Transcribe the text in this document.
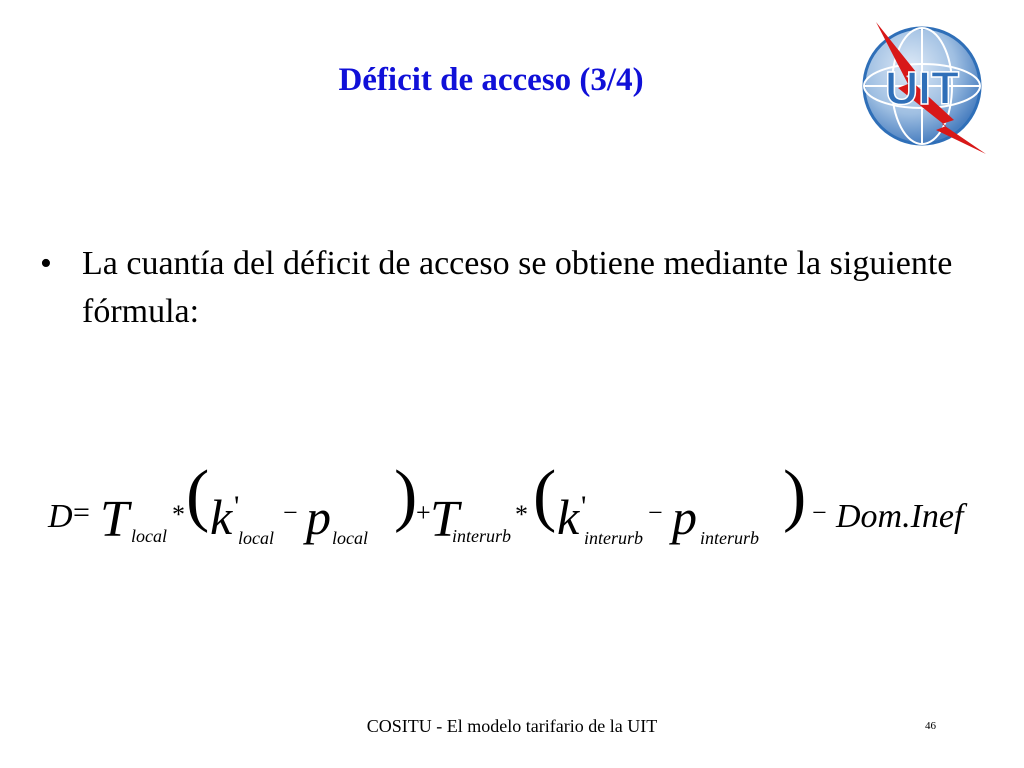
Déficit de acceso (3/4)	UIT
• La cuantía del déficit de acceso se obtiene mediante la siguiente fórmula:
D = T local
* ( k '
local
− p local
)
+ T
interurb
* ( k '
interurb
− p interurb
) − Dom.Inef
COSITU - El modelo tarifario de la UIT	46
